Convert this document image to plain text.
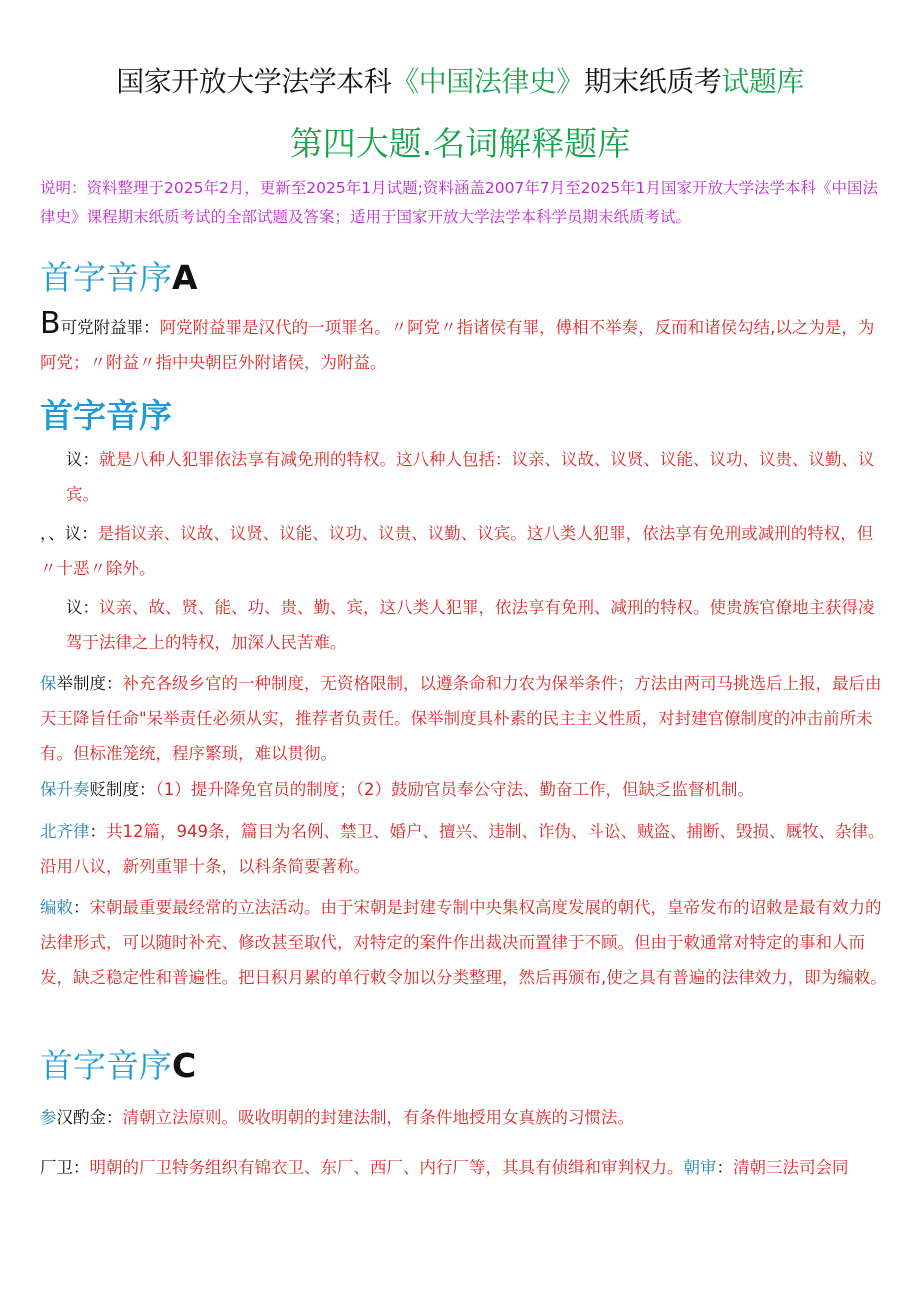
国家开放大学法学本科《中国法律史》期末纸质考试题库
第四大题.名词解释题库
说明：资料整理于2025年2月，更新至2025年1月试题;资料涵盖2007年7月至2025年1月国家开放大学法学本科《中国法律史》课程期末纸质考试的全部试题及答案；适用于国家开放大学法学本科学员期末纸质考试。
首字音序A
B可党附益罪：阿党附益罪是汉代的一项罪名。〃阿党〃指诸侯有罪，傅相不举奏，反而和诸侯勾结,以之为是，为阿党；〃附益〃指中央朝臣外附诸侯，为附益。
首字音序
议：就是八种人犯罪依法享有减免刑的特权。这八种人包括：议亲、议故、议贤、议能、议功、议贵、议勤、议宾。
，、议：是指议亲、议故、议贤、议能、议功、议贵、议勤、议宾。这八类人犯罪，依法享有免刑或减刑的特权，但〃十恶〃除外。
议：议亲、故、贤、能、功、贵、勤、宾，这八类人犯罪，依法享有免刑、减刑的特权。使贵族官僚地主获得凌驾于法律之上的特权，加深人民苦难。
保举制度：补充各级乡官的一种制度，无资格限制，以遵条命和力农为保举条件；方法由两司马挑选后上报，最后由天王降旨任命"呆举责任必须从实，推荐者负责任。保举制度具朴素的民主主义性质，对封建官僚制度的冲击前所未有。但标准笼统，程序繁琐，难以贯彻。
保升奏贬制度：（1）提升降免官员的制度；（2）鼓励官员奉公守法、勤奋工作，但缺乏监督机制。
北齐律：共12篇，949条，篇目为名例、禁卫、婚户、擅兴、违制、诈伪、斗讼、贼盗、捕断、毁损、厩牧、杂律。沿用八议，新列重罪十条，以科条简要著称。
编敕：宋朝最重要最经常的立法活动。由于宋朝是封建专制中央集权高度发展的朝代，皇帝发布的诏敕是最有效力的法律形式，可以随时补充、修改甚至取代，对特定的案件作出裁决而置律于不顾。但由于敕通常对特定的事和人而发，缺乏稳定性和普遍性。把日积月累的单行敕令加以分类整理，然后再颁布,使之具有普遍的法律效力，即为编敕。
首字音序C
参汉酌金：清朝立法原则。吸收明朝的封建法制，有条件地授用女真族的习惯法。
厂卫：明朝的厂卫特务组织有锦衣卫、东厂、西厂、内行厂等，其具有侦缉和审判权力。朝审：清朝三法司会同
